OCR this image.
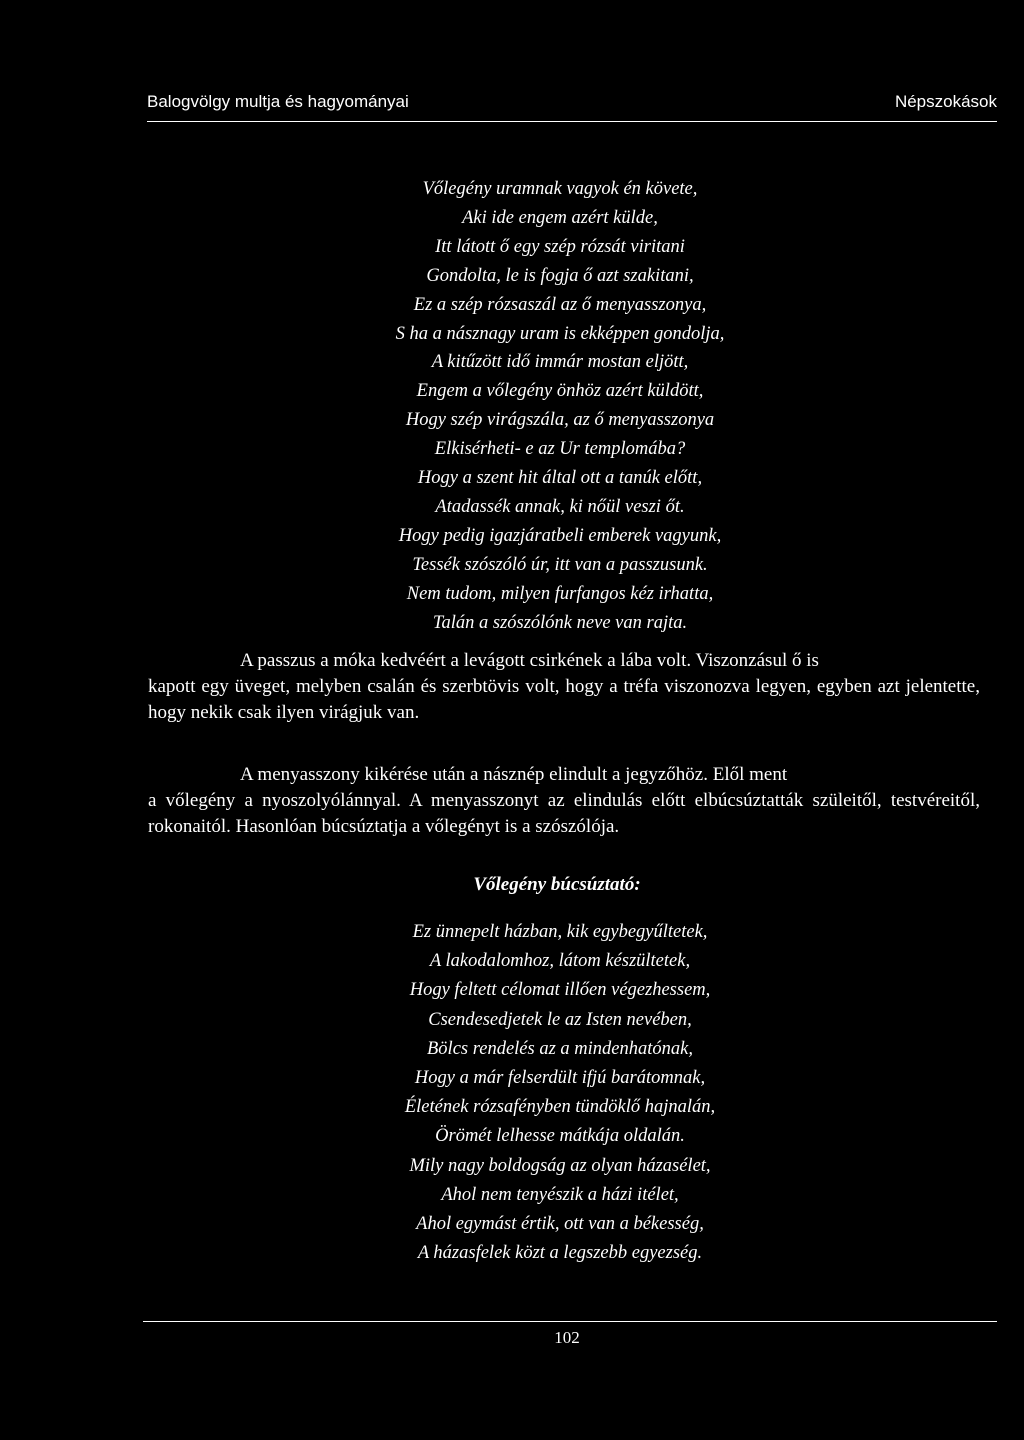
Balogvölgy multja és hagyományai	Népszokások
Vőlegény uramnak vagyok én követe,
Aki ide engem azért külde,
Itt látott ő egy szép rózsát viritani
Gondolta, le is fogja ő azt szakitani,
Ez a szép rózsaszál az ő menyasszonya,
S ha a násznagy uram is ekképpen gondolja,
A kitűzött idő immár mostan eljött,
Engem a vőlegény önhöz azért küldött,
Hogy szép virágszála, az ő menyasszonya
Elkisérheti- e az Ur templomába?
Hogy a szent hit által ott a tanúk előtt,
Atadassék annak, ki nőül veszi őt.
Hogy pedig igazjáratbeli emberek vagyunk,
Tessék szószóló úr, itt van a passzusunk.
Nem tudom, milyen furfangos kéz irhatta,
Talán a szószólónk neve van rajta.
A passzus a móka kedvéért a levágott csirkének a lába volt. Viszonzásul ő is
kapott egy üveget, melyben csalán és szerbtövis volt, hogy a tréfa viszonozva legyen, egyben azt jelentette, hogy nekik csak ilyen virágjuk van.
A menyasszony kikérése után a násznép elindult a jegyzőhöz. Elől ment
a vőlegény a nyoszolyólánnyal. A menyasszonyt az elindulás előtt elbúcsúztatták szüleitől, testvéreitől, rokonaitól. Hasonlóan búcsúztatja a vőlegényt is a szószólója.
Vőlegény búcsúztató:
Ez ünnepelt házban, kik egybegyűltetek,
A lakodalomhoz, látom készültetek,
Hogy feltett célomat illően végezhessem,
Csendesedjetek le az Isten nevében,
Bölcs rendelés az a mindenhatónak,
Hogy a már felserdült ifjú barátomnak,
Életének rózsafényben tündöklő hajnalán,
Örömét lelhesse mátkája oldalán.
Mily nagy boldogság az olyan házasélet,
Ahol nem tenyészik a házi itélet,
Ahol egymást értik, ott van a békesség,
A házasfelek közt a legszebb egyezség.
102
